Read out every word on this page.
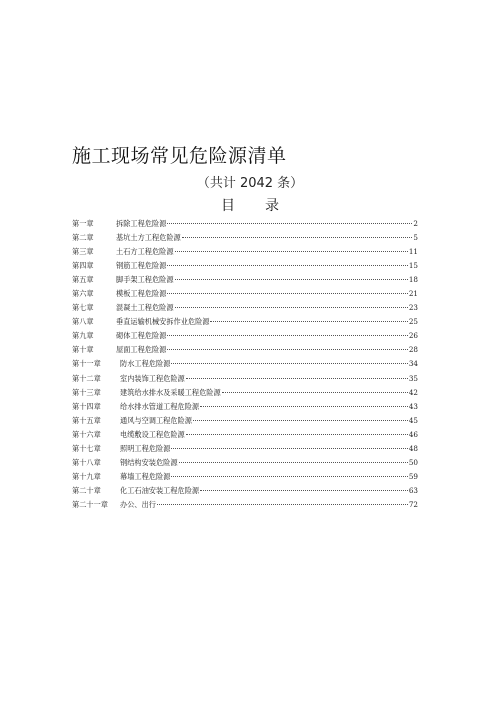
施工现场常见危险源清单
（共计 2042 条）
目 录
第一章	拆除工程危险源	2
第二章	基坑土方工程危险源	5
第三章	土石方工程危险源	11
第四章	钢筋工程危险源	15
第五章	脚手架工程危险源	18
第六章	模板工程危险源	21
第七章	混凝土工程危险源	23
第八章	垂直运输机械安拆作业危险源	25
第九章	砌体工程危险源	26
第十章	屋面工程危险源	28
第十一章	防水工程危险源	34
第十二章	室内装饰工程危险源	35
第十三章	建筑给水排水及采暖工程危险源	42
第十四章	给水排水管道工程危险源	43
第十五章	通风与空调工程危险源	45
第十六章	电缆敷设工程危险源	46
第十七章	照明工程危险源	48
第十八章	钢结构安装危险源	50
第十九章	幕墙工程危险源	59
第二十章	化工石油安装工程危险源	63
第二十一章	办公、出行	72
